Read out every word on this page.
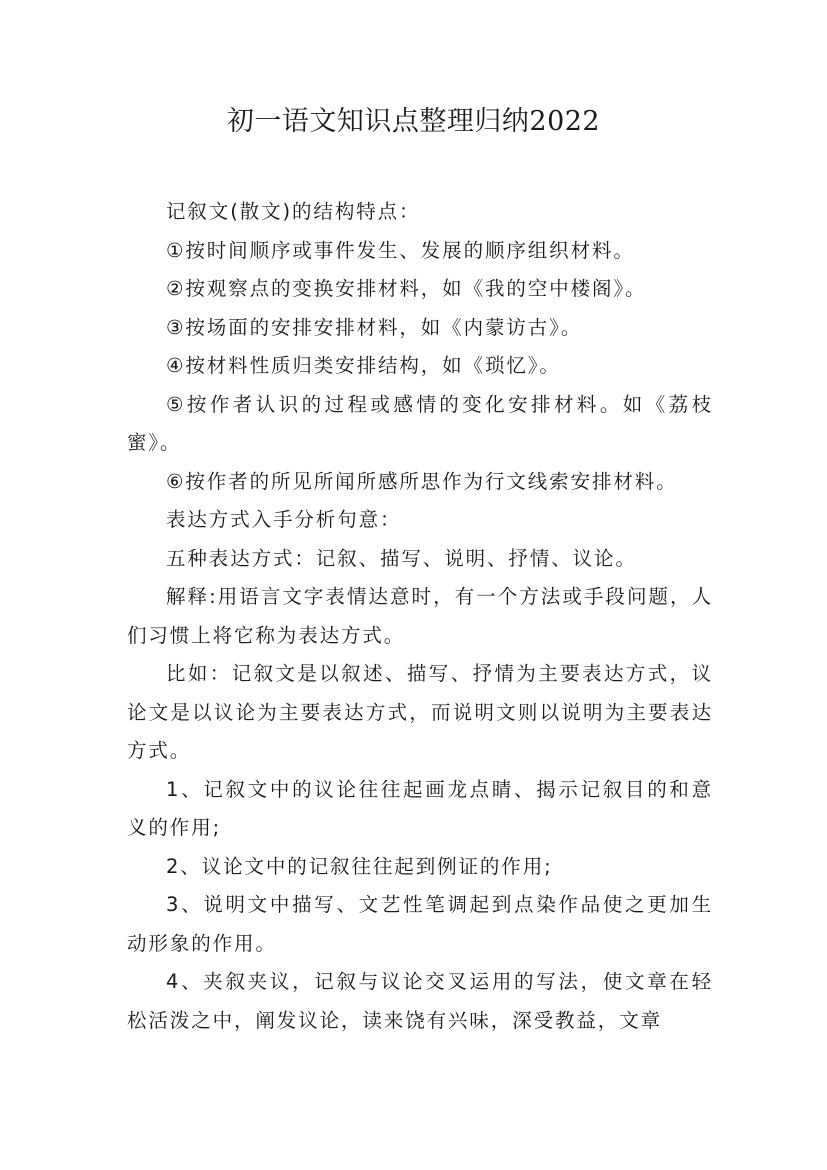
初一语文知识点整理归纳2022

记叙文(散文)的结构特点：

①按时间顺序或事件发生、发展的顺序组织材料。

②按观察点的变换安排材料，如《我的空中楼阁》。

③按场面的安排安排材料，如《内蒙访古》。

④按材料性质归类安排结构，如《琐忆》。

⑤按作者认识的过程或感情的变化安排材料。如《荔枝蜜》。

⑥按作者的所见所闻所感所思作为行文线索安排材料。

表达方式入手分析句意：

五种表达方式：记叙、描写、说明、抒情、议论。

解释:用语言文字表情达意时，有一个方法或手段问题，人们习惯上将它称为表达方式。

比如：记叙文是以叙述、描写、抒情为主要表达方式，议论文是以议论为主要表达方式，而说明文则以说明为主要表达方式。

1、记叙文中的议论往往起画龙点睛、揭示记叙目的和意义的作用;

2、议论文中的记叙往往起到例证的作用;

3、说明文中描写、文艺性笔调起到点染作品使之更加生动形象的作用。

4、夹叙夹议，记叙与议论交叉运用的写法，使文章在轻松活泼之中，阐发议论，读来饶有兴味，深受教益，文章
